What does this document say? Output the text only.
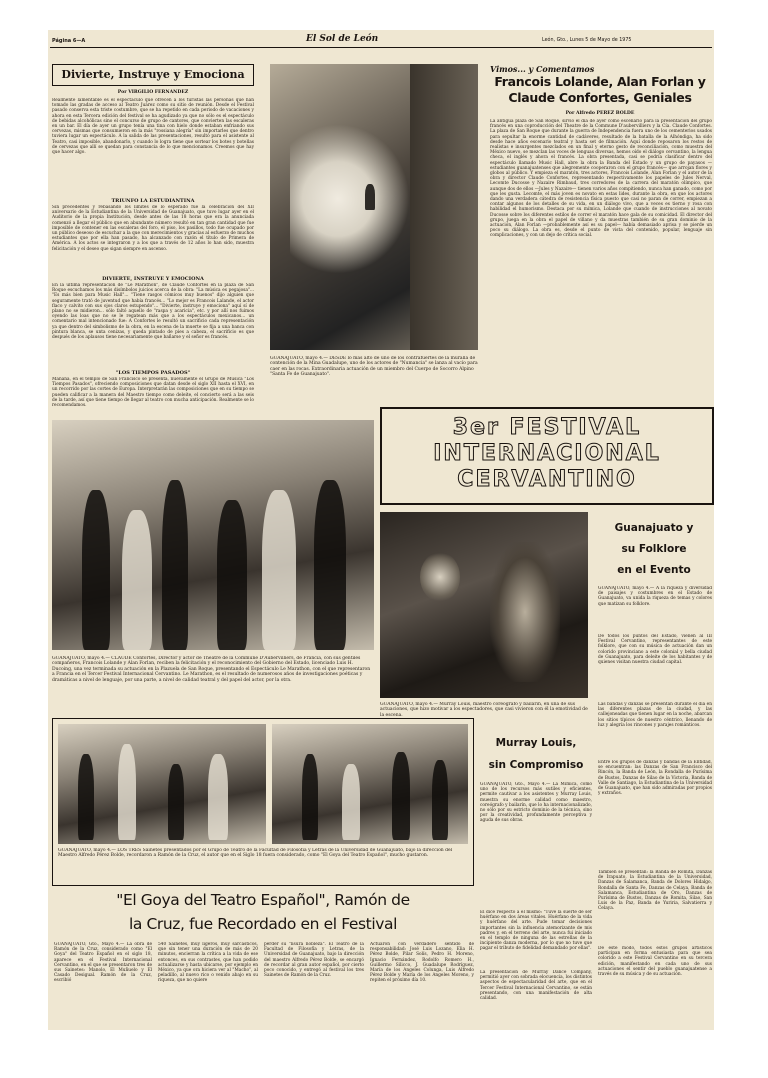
Página 6—A	El Sol de León	León, Gto., Lunes 5 de Mayo de 1975
Divierte, Instruye y Emociona
Por VIRGILIO FERNANDEZ
Realmente lamentable es el espectáculo que ofrecen a los turistas las personas que han tomado las gradas de acceso al Teatro Juárez como su sitio de reunión. Desde el Festival pasado conserva esta triste costumbre, que se ha repetido en cada periodo de vacaciones y ahora en esta Tercera edición del festival se ha agudizado ya que no sólo es el espectáculo de bebidas alcohólicas sino el concurso de grupo de cantores, que convierten las escaleras en un bar. El día de ayer un grupo tenía una tina con hielo donde estaban enfriando sus cervezas, mismas que consumieron en la más "rossiana alegría" sin importarles que dentro tuviera lugar un espectáculo. A la salida de las presentaciones, resultó para el asistente al Teatro, casi imposible, abandonarlo, y cuando lo logra tiene que sortear los botes y botellas de cervezas que allí se quedan para constancia de lo que mencionamos. Creemos que hay que hacer algo.
TRIUNFO LA ESTUDIANTINA
Sin precedentes y rebasando los límites de lo esperado fue la celebración del XII aniversario de la Estudiantina de la Universidad de Guanajuato, que tuvo lugar ayer en el Auditorio de la propia Institución, desde antes de las 18 horas que era la anunciada comenzó a llegar el público que en abundante número resultó en tan gran cantidad que fue imposible de contener en las escaleras del foro, el piso, los pasillos, todo fue ocupado por un público deseoso de escuchar a la que con merecimientos y gracias al esfuerzo de muchos estudiantes que por ella han pasado, ha alcanzado con razón el título de Primera de América. A los actos se integraron y a los que a través de 12 años lo han sido, muestra felicitación y el deseo que sigan siempre en ascenso.
DIVIERTE, INSTRUYE Y EMOCIONA
En la última representación de "Le Marathon", de Claude Confortes en la plaza de San Roque escuchamos los más disímbolos juicios acerca de la obra: "La música es pegajosa"... "Es más bien para Music Hall"... "Tiene rasgos cómicos muy buenos" dijo alguien que seguramente trató de juventud que había francés... "Lo mejor es Francois Lalande, el actor flaco y calvito con sus ojos claros estupendo"... "Divierte, instruye y emociona" aquí sí de plano no se midieron... sólo faltó aquello de "raspa y acaricia", etc. y por allí nos fuimos oyendo las loas que no se le regatean más que a los espectáculos mexicanos... un comentario mal intencionado fue: A Confortes le resultó un sacrificio cada representación ya que dentro del simbolismo de la obra, en la escena de la muerte se fija a una banca con pintura blanca, se unta cenizas, y queda pintado de pies a cabeza, el sacrificio es que después de los aplausos tiene necesariamente que bañarse y el señor es francés.
"LOS TIEMPOS PASADOS"
Mañana, en el templo de San Francisco se presenta, nuevamente el Grupo de Música "Los Tiempos Pasados", ofreciendo composiciones que datan desde el siglo XII hasta el XVI, en un recorrido por las cortes de Europa. Interpretarán las composiciones que en su tiempo se pueden calificar a la manera del Maestro tiempo como deleite, el concierto será a las seis de la tarde, así que tiene tiempo de llegar al teatro con mucha anticipación. Realmente se lo recomendamos.
GUANAJUATO, mayo 4.— DESDE lo más alto de uno de los contrafuertes de la muralla de contención de la Mina Guadalupe, uno de los actores de "Numancia" se lanza al vacío para caer en las rocas. Extraordinaria actuación de un miembro del Cuerpo de Socorro Alpino "Santa Fe de Guanajuato".
Vimos... y Comentamos
Francois Lolande, Alan Forlan y Claude Confortes, Geniales
Por Alfredo PEREZ BOLDE
La antigua plaza de San Roque, sirvió el día de ayer como escenario para la presentación del grupo francés en una coproducción del Theatre de la Commune D'aubervilliers y la Cía. Claude Confortes. La plaza de San Roque que durante la guerra de Independencia fuera uno de los cementerios usados para sepultar la enorme cantidad de cadáveres, resultado de la batalla de la Alhóndiga, ha sido desde hace años escenario teatral y hasta set de filmación. Aquí donde reposaron los restos de realistas e insurgentes mezclados en un final y eterno gesto de reconciliación, como muestra del México nuevo, se mezclan las voces de lenguas diversas, hemos oído el diálogo cervantino, la lengua checa, el inglés y ahora el francés. La obra presentada, casi se podría clasificar dentro del espectáculo llamado Music Hall, abre la obra la Banda del Estado y un grupo de payasos —estudiantes guanajuatenses que alegremente cooperaron con el grupo francés— que arrojan flores y globos al público. Y empieza el maratón, tres actores, Francois Lolande, Alan Forlan y el autor de la obra y director Claude Confortes, representando respectivamente los papeles de Jules Nerval, Lecomte Ducosse y Nazaire Rimbaud, tres corredores de la carrera del maratón olímpico, que aunque dos de ellos —Jules y Nazaire— tienen varios años compitiendo, nunca han ganado, como por que les gusta. Lecomte, el más joven es novato en estas lides, durante la obra, en que los actores dando una verdadera cátedra de resistencia física puesto que casi no paran de correr, empiezan a contar algunos de los detalles de su vida, en un diálogo vivo, que a veces es tierno y rosa con habilidad el humorismo. Destaca por su mímica, Lolande que cuando de instrucciones al novato Ducosse sobre los diferentes estilos de correr el maratón hace gala de su comicidad. El director del grupo, juega en la obra el papel de villano y da muestras también de su gran dominio de la actuación, Alan Forlan —probablemente así es su papel— había demasiado aprisa y se pierde un poco su diálogo. La obra es, desde el punto de vista del contenido, popular, lenguaje sin complicaciones, y con un dejo de crítica social.
3er FESTIVAL
INTERNACIONAL
CERVANTINO
GUANAJUATO, mayo 4.— CLAUDE Confortes, Director y actor de Theatre de la Commune D'Aubervilliers, de Francia, con sus gentiles compañeros, Francois Lolande y Alan Forlan, reciben la felicitación y el reconocimiento del Gobierno del Estado, licenciado Luis H. Ducoing, una vez terminada su actuación en la Plazuela de San Roque, presentando el Espectáculo Le Marathon, con el que representaron a Francia en el Tercer Festival Internacional Cervantino. Le Marathon, es el resultado de numerosos años de investigaciones poéticas y dramáticas a nivel de lenguaje, por una parte, a nivel de calidad teatral y del papel del actor, por la otra.
GUANAJUATO, mayo 4.— Murray Louis, maestro coreógrafo y bailarín, en una de sus actuaciones, que hizo motivar a los espectadores, que casi vivieron con él la emotividad de la escena.
Guanajuato y
su Folklore
en el Evento
GUANAJUATO, mayo 4.— A la riqueza y diversidad de paisajes y costumbres en el Estado de Guanajuato, va unida la riqueza de temas y colores que matizan su folklore.
De todos los puntos del Estado, vienen al III Festival Cervantino, representantes de este folklore, que con su música de actuación dan un colorido provinciano a este colonial y bella ciudad de Guanajuato, para deleite de los habitantes y de quienes visitan nuestra ciudad capital.
Las bandas y danzas se presentan durante el día en las diferentes plazas de la ciudad, y las callejoneadas que tienen lugar en la noche, abarcan los sitios típicos de nuestro céntrico, llenando de luz y alegría los rincones y parajes románticos.
Entre los grupos de danzas y bandas de la Entidad, se encuentran: las Danzas de San Francisco del Rincón, la Banda de León, la Rondalla de Purísima de Bustos, Danzas de Silao de la Victoria, Banda de Valle de Santiago, la Estudiantina de la Universidad de Guanajuato, que han sido admiradas por propios y extraños.
También se presentan: la Banda de Romita, Danzas de Irapuato, la Estudiantina de la Universidad, Danzas de Salamanca, Banda de Dolores Hidalgo, Rondalla de Santa Fe, Danzas de Celaya, Banda de Salamanca, Estudiantina de Oro, Danzas de Purísima de Bustos, Danzas de Romita, Silao, San Luis de la Paz, Banda de Yuriria, Salvatierra y Celaya.
De este modo, todos estos grupos artísticos participan en forma entusiasta para que sea colorido a este Festival Cervantino en su tercera edición, manifestando en cada uno de sus actuaciones el sentir del pueblo guanajuatense a través de su música y de su actuación.
Murray Louis,
sin Compromiso
GUANAJUATO, Gto., Mayo 4.— La Mímica, como uno de los recursos más sutiles y eficientes, permite cautivar a los asistentes y Murray Louis, muestra su enorme calidad como maestro, coreógrafo y bailarín, que lo ha internacionalizado, no sólo por su estricto dominio de la técnica, sino por la creatividad, profundamente perceptiva y aguda de sus obras.
El dice respecto a el mismo: "Tuve la suerte de ser huérfano en dos áreas vitales. Huérfano de la vida y huérfano del arte. Pude tomar decisiones importantes sin la influencia atemorizante de mis padres y, en el terreno del arte, nunca fui iniciado en el templo de ninguna de las estrellas de la incipiente danza moderna, por lo que no tuve que pagar el tributo de fidelidad demandado por ellas".
La presentación de Murray Dance Company, permitió ayer con sobrada elocuencia, los distintos aspectos de espectacularidad del arte, que en el Tercer Festival Internacional Cervantino, se están presentando, con una manifestación de alta calidad.
GUANAJUATO, mayo 4.— LOS TRES Sainetes presentados por el Grupo de Teatro de la Facultad de Filosofía y Letras de la Universidad de Guanajuato, bajo la dirección del Maestro Alfredo Pérez Bolde, recordaron a Ramón de la Cruz, el autor que en el Siglo 18 fuera considerado, como "El Goya del Teatro Español", mucho gustaron.
"El Goya del Teatro Español", Ramón de
la Cruz, fue Recordado en el Festival
GUANAJUATO, Gto., Mayo 4.— La obra de Ramón de la Cruz, considerado como "El Goya" del Teatro Español en el siglo 18, aparece en el Festival Internacional Cervantino, en el que se presentaron tres de sus Sainetes: Manolo, El Muñuelo y El Casado Desigual. Ramón de la Cruz, escribió
540 Sainetes, muy ligeros, muy sarcásticos, que sin tener una duración de más de 20 minutos, encierran la crítica a la vida de ese entonces, en sus contrastes, que han podido actualizarse y hasta ubicarse, por ejemplo en México, ya que ora hiciera ver al "Macho", al peladillo, al nuevo rico o venido abajo en su riqueza, que no quiere
perder su "lisura nobleza". El Teatro de la Facultad de Filosofía y Letras, de la Universidad de Guanajuato, bajo la dirección del maestro Alfredo Pérez Bolde, se encargó de recordar al gran autor español, por cierto poco conocido, y entregó al festival los tres Sainetes de Ramón de la Cruz.
Actuaron con verdadero sentido de responsabilidad: José Luis Lozano, Elia H. Pérez Bolde, Pilar Solís, Pedro H. Moreno, Ignacio Fernández, Rodolfo Romero H., Guillermo Silicco, J. Guadalupe Rodríguez, María de los Angeles Colunga, Luis Alfredo Pérez Bolde y María de los Angeles Moreno, y repiten el próximo día 10.
